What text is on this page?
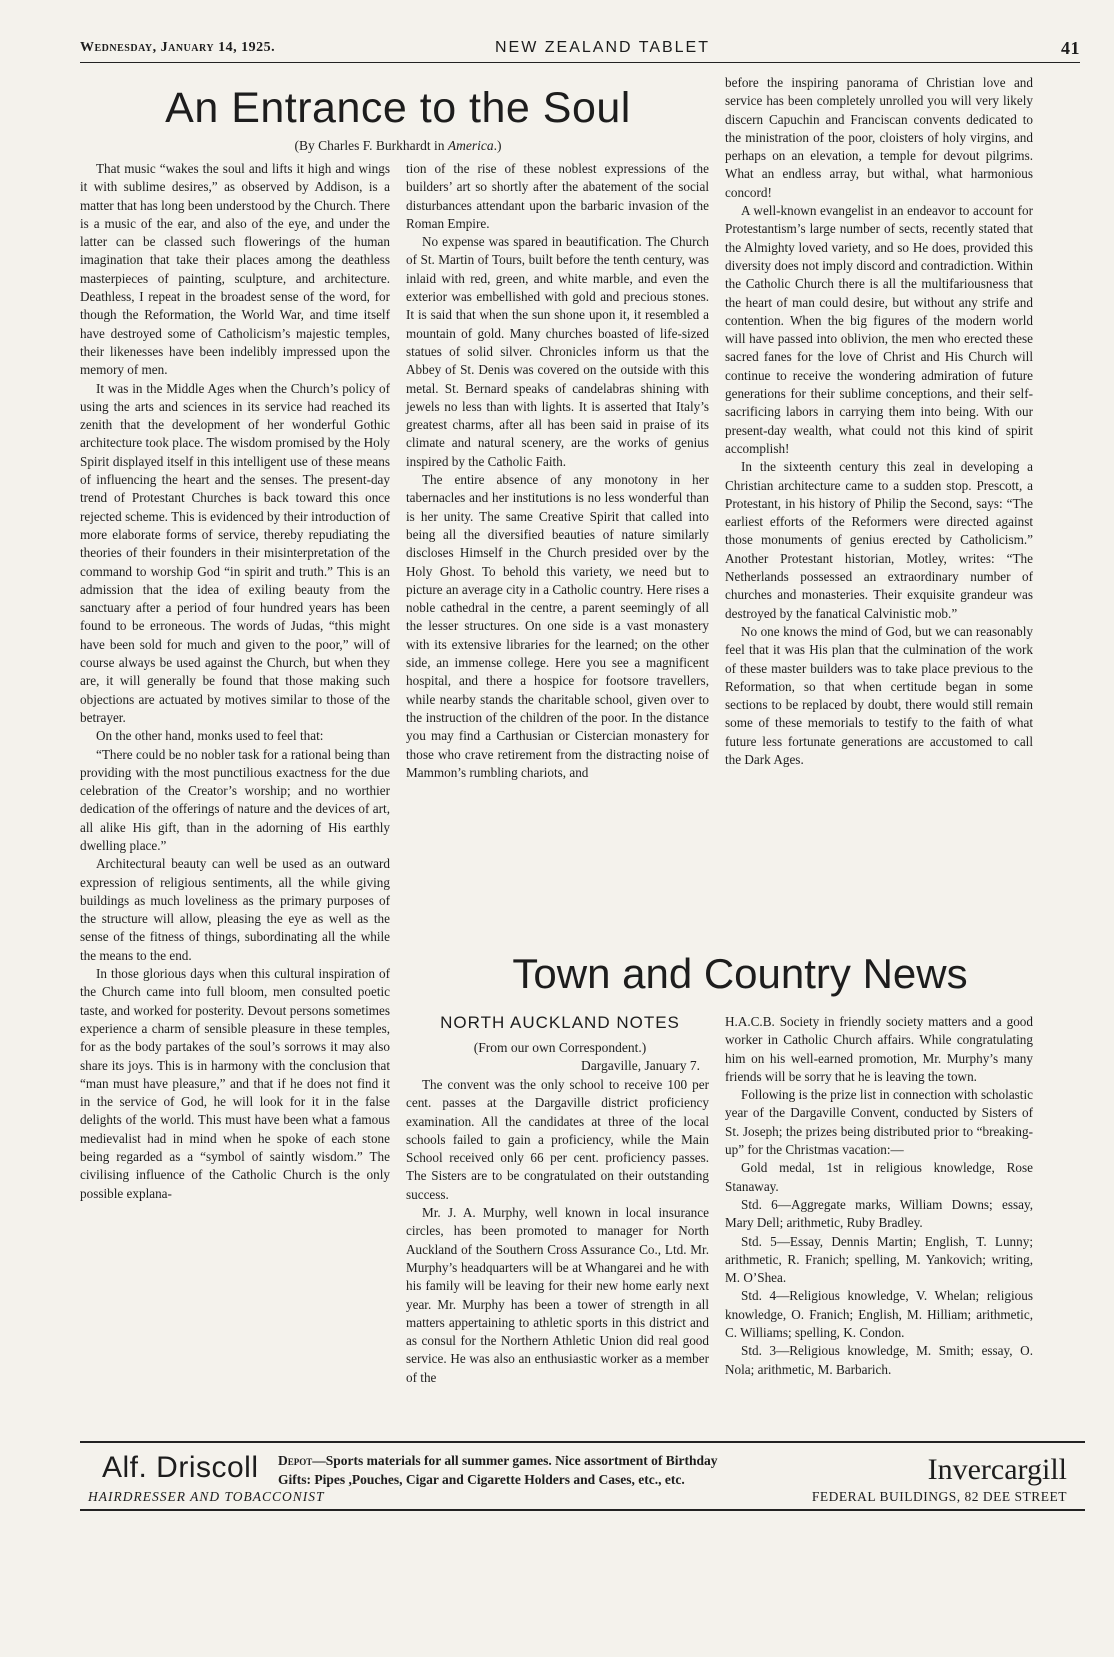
Wednesday, January 14, 1925.	NEW ZEALAND TABLET	41
An Entrance to the Soul
(By Charles F. Burkhardt in America.)

That music “wakes the soul and lifts it high and wings it with sublime desires,” as observed by Addison, is a matter that has long been understood by the Church. There is a music of the ear, and also of the eye, and under the latter can be classed such flowerings of the human imagination that take their places among the deathless masterpieces of painting, sculpture, and architecture. Deathless, I repeat in the broadest sense of the word, for though the Reformation, the World War, and time itself have destroyed some of Catholicism’s majestic temples, their likenesses have been indelibly impressed upon the memory of men.

It was in the Middle Ages when the Church’s policy of using the arts and sciences in its service had reached its zenith that the development of her wonderful Gothic architecture took place. The wisdom promised by the Holy Spirit displayed itself in this intelligent use of these means of influencing the heart and the senses. The present-day trend of Protestant Churches is back toward this once rejected scheme. This is evidenced by their introduction of more elaborate forms of service, thereby repudiating the theories of their founders in their misinterpretation of the command to worship God “in spirit and truth.” This is an admission that the idea of exiling beauty from the sanctuary after a period of four hundred years has been found to be erroneous. The words of Judas, “this might have been sold for much and given to the poor,” will of course always be used against the Church, but when they are, it will generally be found that those making such objections are actuated by motives similar to those of the betrayer.

On the other hand, monks used to feel that:

“There could be no nobler task for a rational being than providing with the most punctilious exactness for the due celebration of the Creator’s worship; and no worthier dedication of the offerings of nature and the devices of art, all alike His gift, than in the adorning of His earthly dwelling place.”

Architectural beauty can well be used as an outward expression of religious sentiments, all the while giving buildings as much loveliness as the primary purposes of the structure will allow, pleasing the eye as well as the sense of the fitness of things, subordinating all the while the means to the end.

In those glorious days when this cultural inspiration of the Church came into full bloom, men consulted poetic taste, and worked for posterity. Devout persons sometimes experience a charm of sensible pleasure in these temples, for as the body partakes of the soul’s sorrows it may also share its joys. This is in harmony with the conclusion that “man must have pleasure,” and that if he does not find it in the service of God, he will look for it in the false delights of the world. This must have been what a famous medievalist had in mind when he spoke of each stone being regarded as a “symbol of saintly wisdom.” The civilising influence of the Catholic Church is the only possible explana-

tion of the rise of these noblest expressions of the builders’ art so shortly after the abatement of the social disturbances attendant upon the barbaric invasion of the Roman Empire.

No expense was spared in beautification. The Church of St. Martin of Tours, built before the tenth century, was inlaid with red, green, and white marble, and even the exterior was embellished with gold and precious stones. It is said that when the sun shone upon it, it resembled a mountain of gold. Many churches boasted of life-sized statues of solid silver. Chronicles inform us that the Abbey of St. Denis was covered on the outside with this metal. St. Bernard speaks of candelabras shining with jewels no less than with lights. It is asserted that Italy’s greatest charms, after all has been said in praise of its climate and natural scenery, are the works of genius inspired by the Catholic Faith.

The entire absence of any monotony in her tabernacles and her institutions is no less wonderful than is her unity. The same Creative Spirit that called into being all the diversified beauties of nature similarly discloses Himself in the Church presided over by the Holy Ghost. To behold this variety, we need but to picture an average city in a Catholic country. Here rises a noble cathedral in the centre, a parent seemingly of all the lesser structures. On one side is a vast monastery with its extensive libraries for the learned; on the other side, an immense college. Here you see a magnificent hospital, and there a hospice for footsore travellers, while nearby stands the charitable school, given over to the instruction of the children of the poor. In the distance you may find a Carthusian or Cistercian monastery for those who crave retirement from the distracting noise of Mammon’s rumbling chariots, and

before the inspiring panorama of Christian love and service has been completely unrolled you will very likely discern Capuchin and Franciscan convents dedicated to the ministration of the poor, cloisters of holy virgins, and perhaps on an elevation, a temple for devout pilgrims. What an endless array, but withal, what harmonious concord!

A well-known evangelist in an endeavor to account for Protestantism’s large number of sects, recently stated that the Almighty loved variety, and so He does, provided this diversity does not imply discord and contradiction. Within the Catholic Church there is all the multifariousness that the heart of man could desire, but without any strife and contention. When the big figures of the modern world will have passed into oblivion, the men who erected these sacred fanes for the love of Christ and His Church will continue to receive the wondering admiration of future generations for their sublime conceptions, and their self-sacrificing labors in carrying them into being. With our present-day wealth, what could not this kind of spirit accomplish!

In the sixteenth century this zeal in developing a Christian architecture came to a sudden stop. Prescott, a Protestant, in his history of Philip the Second, says: “The earliest efforts of the Reformers were directed against those monuments of genius erected by Catholicism.” Another Protestant historian, Motley, writes: “The Netherlands possessed an extraordinary number of churches and monasteries. Their exquisite grandeur was destroyed by the fanatical Calvinistic mob.”

No one knows the mind of God, but we can reasonably feel that it was His plan that the culmination of the work of these master builders was to take place previous to the Reformation, so that when certitude began in some sections to be replaced by doubt, there would still remain some of these memorials to testify to the faith of what future less fortunate generations are accustomed to call the Dark Ages.

Town and Country News
NORTH AUCKLAND NOTES
(From our own Correspondent.)
Dargaville, January 7.

The convent was the only school to receive 100 per cent. passes at the Dargaville district proficiency examination. All the candidates at three of the local schools failed to gain a proficiency, while the Main School received only 66 per cent. proficiency passes. The Sisters are to be congratulated on their outstanding success.

Mr. J. A. Murphy, well known in local insurance circles, has been promoted to manager for North Auckland of the Southern Cross Assurance Co., Ltd. Mr. Murphy’s headquarters will be at Whangarei and he with his family will be leaving for their new home early next year. Mr. Murphy has been a tower of strength in all matters appertaining to athletic sports in this district and as consul for the Northern Athletic Union did real good service. He was also an enthusiastic worker as a member of the

H.A.C.B. Society in friendly society matters and a good worker in Catholic Church affairs. While congratulating him on his well-earned promotion, Mr. Murphy’s many friends will be sorry that he is leaving the town.

Following is the prize list in connection with scholastic year of the Dargaville Convent, conducted by Sisters of St. Joseph; the prizes being distributed prior to “breaking-up” for the Christmas vacation:—

Gold medal, 1st in religious knowledge, Rose Stanaway.

Std. 6—Aggregate marks, William Downs; essay, Mary Dell; arithmetic, Ruby Bradley.

Std. 5—Essay, Dennis Martin; English, T. Lunny; arithmetic, R. Franich; spelling, M. Yankovich; writing, M. O’Shea.

Std. 4—Religious knowledge, V. Whelan; religious knowledge, O. Franich; English, M. Hilliam; arithmetic, C. Williams; spelling, K. Condon.

Std. 3—Religious knowledge, M. Smith; essay, O. Nola; arithmetic, M. Barbarich.

Alf. Driscoll Depot—Sports materials for all summer games. Nice assortment of Birthday
Gifts: Pipes ,Pouches, Cigar and Cigarette Holders and Cases, etc., etc.
HAIRDRESSER AND TOBACCONIST
Invercargill
FEDERAL BUILDINGS, 82 DEE STREET
